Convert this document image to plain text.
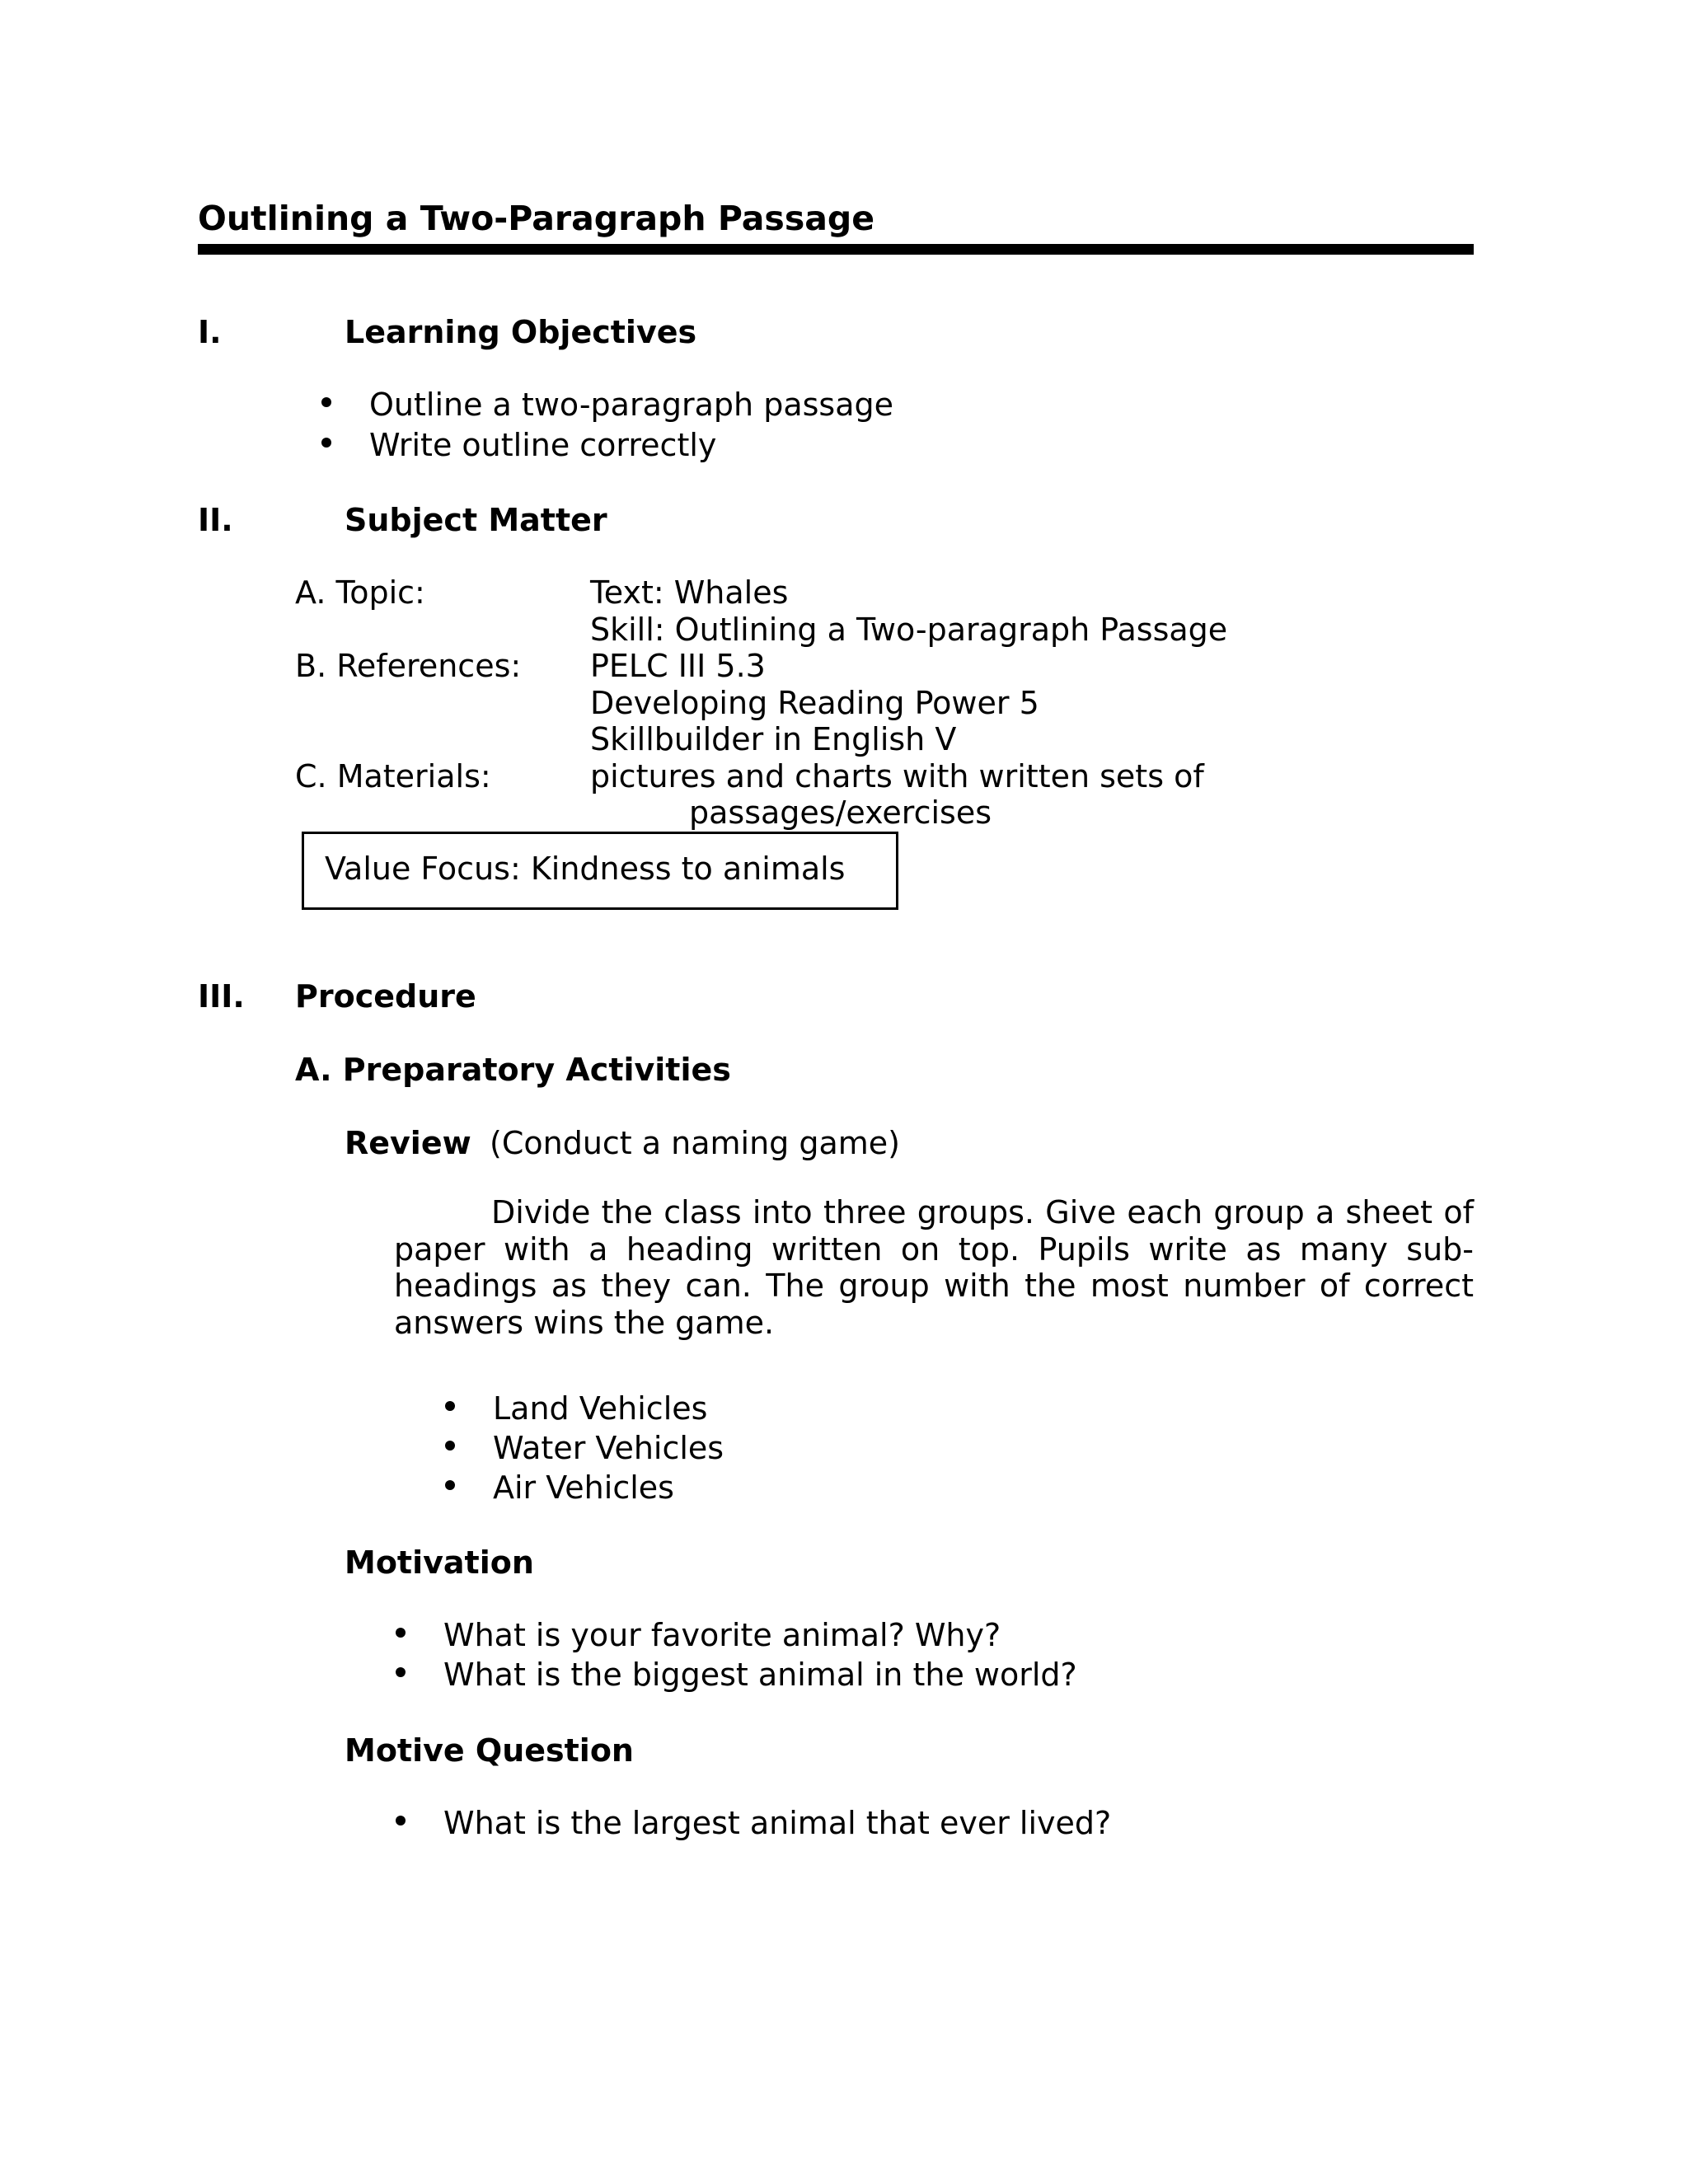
Outlining a Two-Paragraph Passage
I.	Learning Objectives
Outline a two-paragraph passage
Write outline correctly
II.	Subject Matter
A. Topic:	Text: Whales
Skill: Outlining a Two-paragraph Passage
B. References: PELC III 5.3
Developing Reading Power 5
Skillbuilder in English V
C. Materials:	pictures and charts with written sets of
passages/exercises
Value Focus: Kindness to animals
III. Procedure
A. Preparatory Activities
Review (Conduct a naming game)

Divide the class into three groups. Give each group a sheet of paper with a heading written on top. Pupils write as many sub-headings as they can. The group with the most number of correct answers wins the game.

Land Vehicles
Water Vehicles
Air Vehicles
Motivation
What is your favorite animal? Why?
What is the biggest animal in the world?
Motive Question
What is the largest animal that ever lived?
